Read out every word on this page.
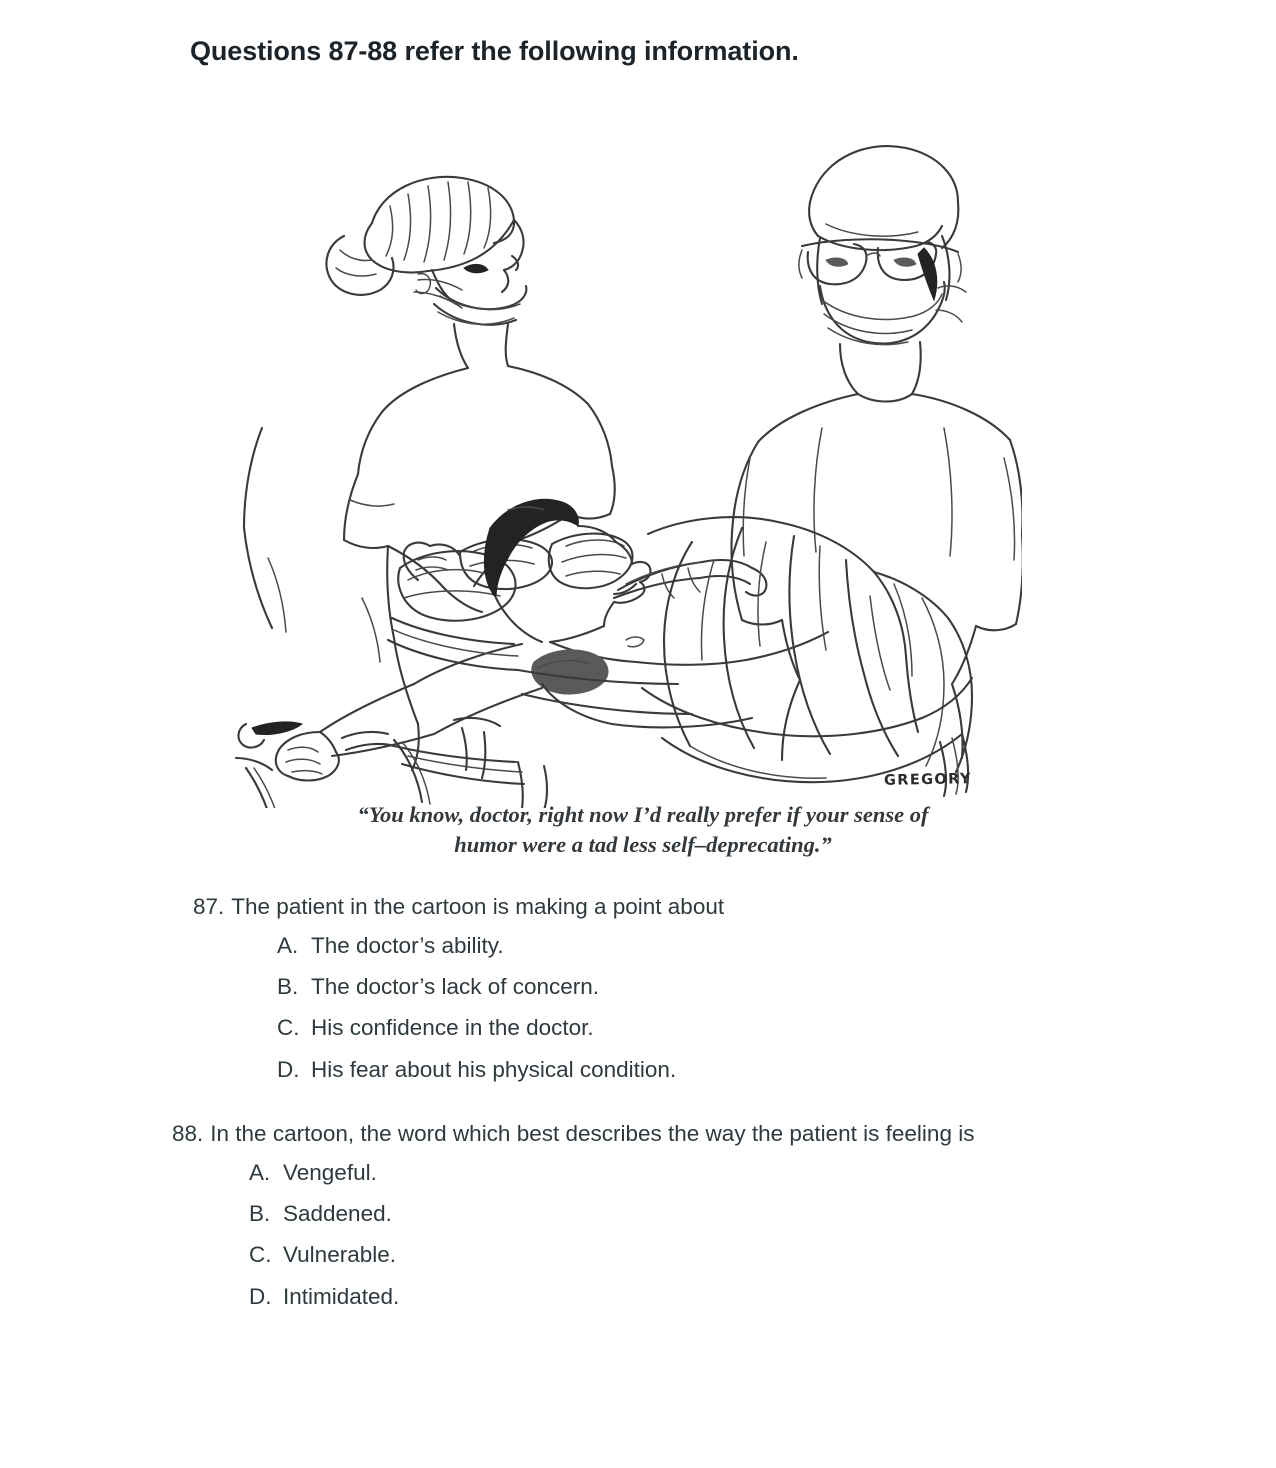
Questions 87-88 refer the following information.
GREGORY
“You know, doctor, right now I’d really prefer if your sense of
humor were a tad less self–deprecating.”
87. The patient in the cartoon is making a point about
A. The doctor’s ability.
B. The doctor’s lack of concern.
C. His confidence in the doctor.
D. His fear about his physical condition.
88. In the cartoon, the word which best describes the way the patient is feeling is
A. Vengeful.
B. Saddened.
C. Vulnerable.
D. Intimidated.
